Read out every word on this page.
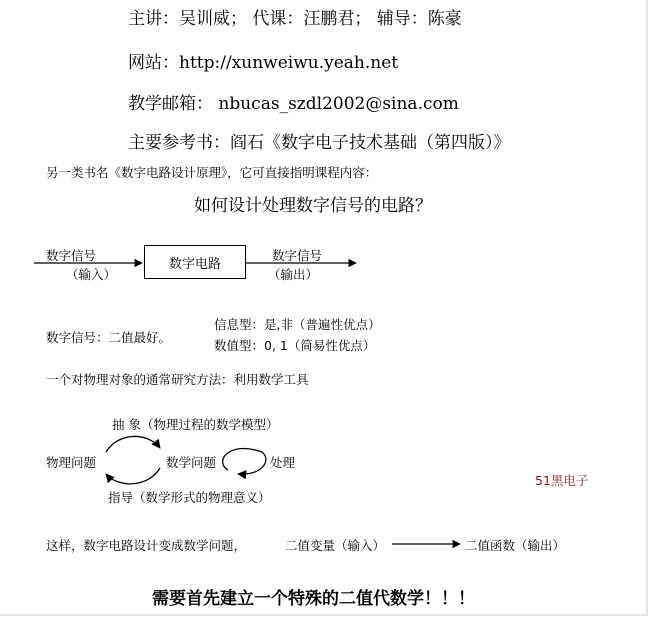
主讲：吴训威； 代课：汪鹏君； 辅导：陈豪
网站：http://xunweiwu.yeah.net
教学邮箱： nbucas_szdl2002@sina.com
主要参考书：阎石《数字电子技术基础（第四版）》
另一类书名《数字电路设计原理》，它可直接指明课程内容：
如何设计处理数字信号的电路？
数字信号
（输入）
数字电路
数字信号
（输出）
数字信号：二值最好。
信息型：是,非（普遍性优点）
数值型：0, 1（简易性优点）
一个对物理对象的通常研究方法：利用数学工具
抽 象（物理过程的数学模型）
物理问题	数学问题	处理
指导（数学形式的物理意义）
51黑电子
这样，数字电路设计变成数学问题，	二值变量（输入）	二值函数（输出）
需要首先建立一个特殊的二值代数学！！！
